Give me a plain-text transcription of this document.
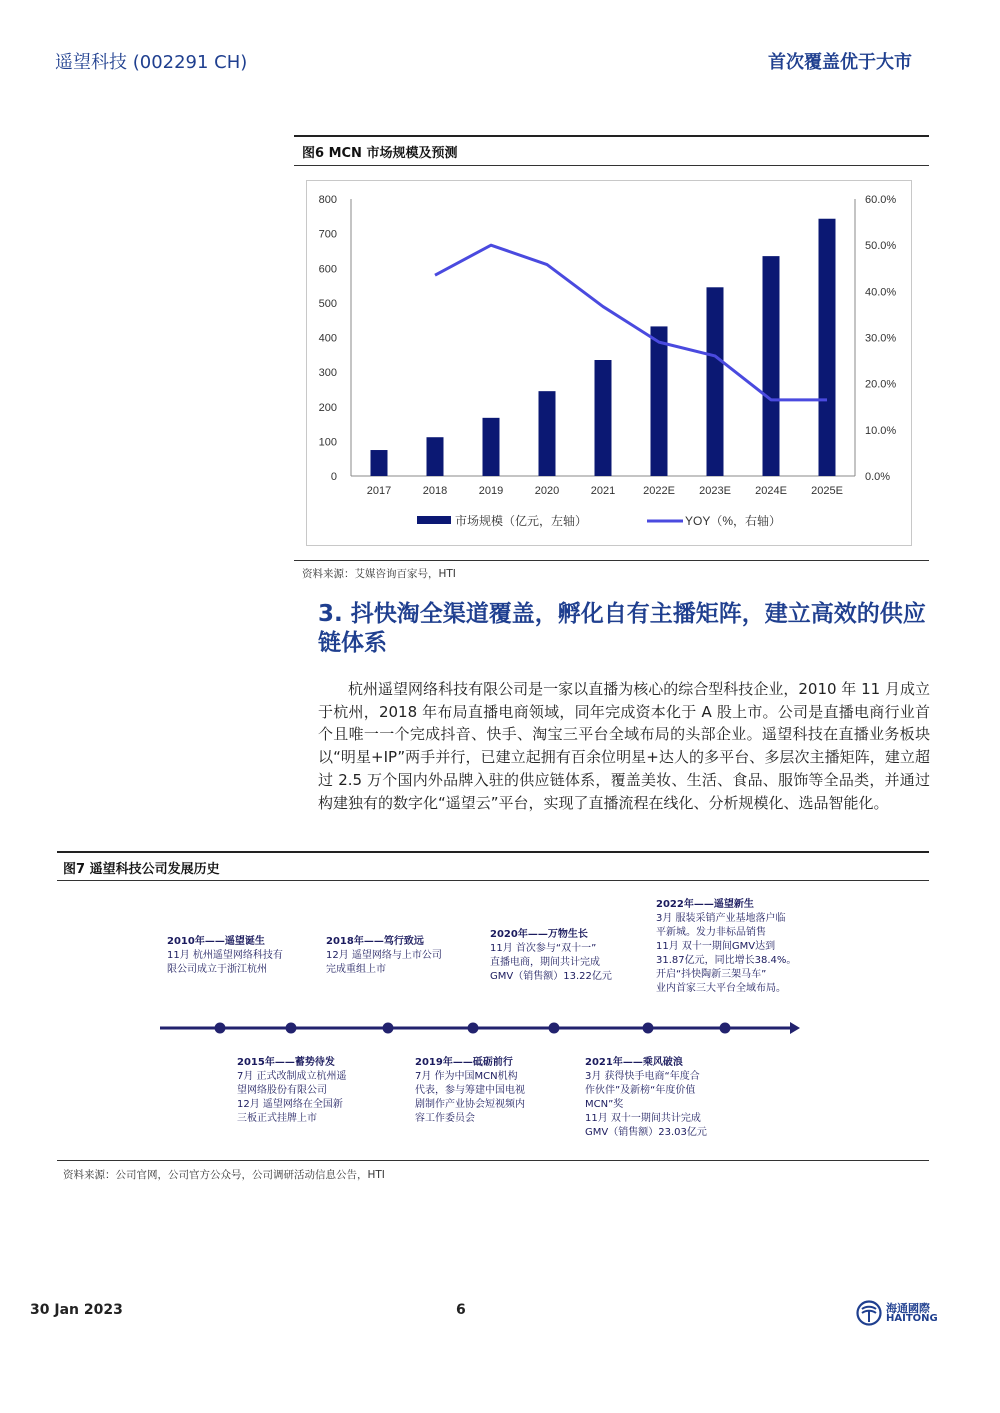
遥望科技 (002291 CH)	首次覆盖优于大市
图6 MCN 市场规模及预测
0
100
200
300
400
500
600
700
800
0.0%
10.0%
20.0%
30.0%
40.0%
50.0%
60.0%
2017	2018	2019	2020	2021	2022E 2023E 2024E 2025E
市场规模（亿元，左轴）	YOY（%，右轴）
资料来源：艾媒咨询百家号，HTI
3. 抖快淘全渠道覆盖，孵化自有主播矩阵，建立高效的供应链体系

杭州遥望网络科技有限公司是一家以直播为核心的综合型科技企业，2010 年 11 月成立于杭州，2018 年布局直播电商领域，同年完成资本化于 A 股上市。公司是直播电商行业首个且唯一一个完成抖音、快手、淘宝三平台全域布局的头部企业。遥望科技在直播业务板块以“明星+IP”两手并行，已建立起拥有百余位明星+达人的多平台、多层次主播矩阵，建立超过 2.5 万个国内外品牌入驻的供应链体系，覆盖美妆、生活、食品、服饰等全品类，并通过构建独有的数字化“遥望云”平台，实现了直播流程在线化、分析规模化、选品智能化。

图7 遥望科技公司发展历史
2010年——遥望诞生
11月 杭州遥望网络科技有
限公司成立于浙江杭州
2015年——蓄势待发
7月 正式改制成立杭州遥
望网络股份有限公司
12月 遥望网络在全国新
三板正式挂牌上市
2018年——笃行致远
12月 遥望网络与上市公司
完成重组上市
2019年——砥砺前行
7月 作为中国MCN机构
代表，参与筹建中国电视
剧制作产业协会短视频内
容工作委员会
2020年——万物生长
11月 首次参与“双十一”
直播电商，期间共计完成
GMV（销售额）13.22亿元
2021年——乘风破浪
3月 获得快手电商“年度合
作伙伴”及新榜“年度价值
MCN”奖
11月 双十一期间共计完成
GMV（销售额）23.03亿元
2022年——遥望新生
3月 服装采销产业基地落户临
平新城。发力非标品销售
11月 双十一期间GMV达到
31.87亿元，同比增长38.4%。
开启“抖快陶新三架马车”
业内首家三大平台全域布局。
资料来源：公司官网，公司官方公众号，公司调研活动信息公告，HTI
30 Jan 2023	6	海通國際
HAITONG
